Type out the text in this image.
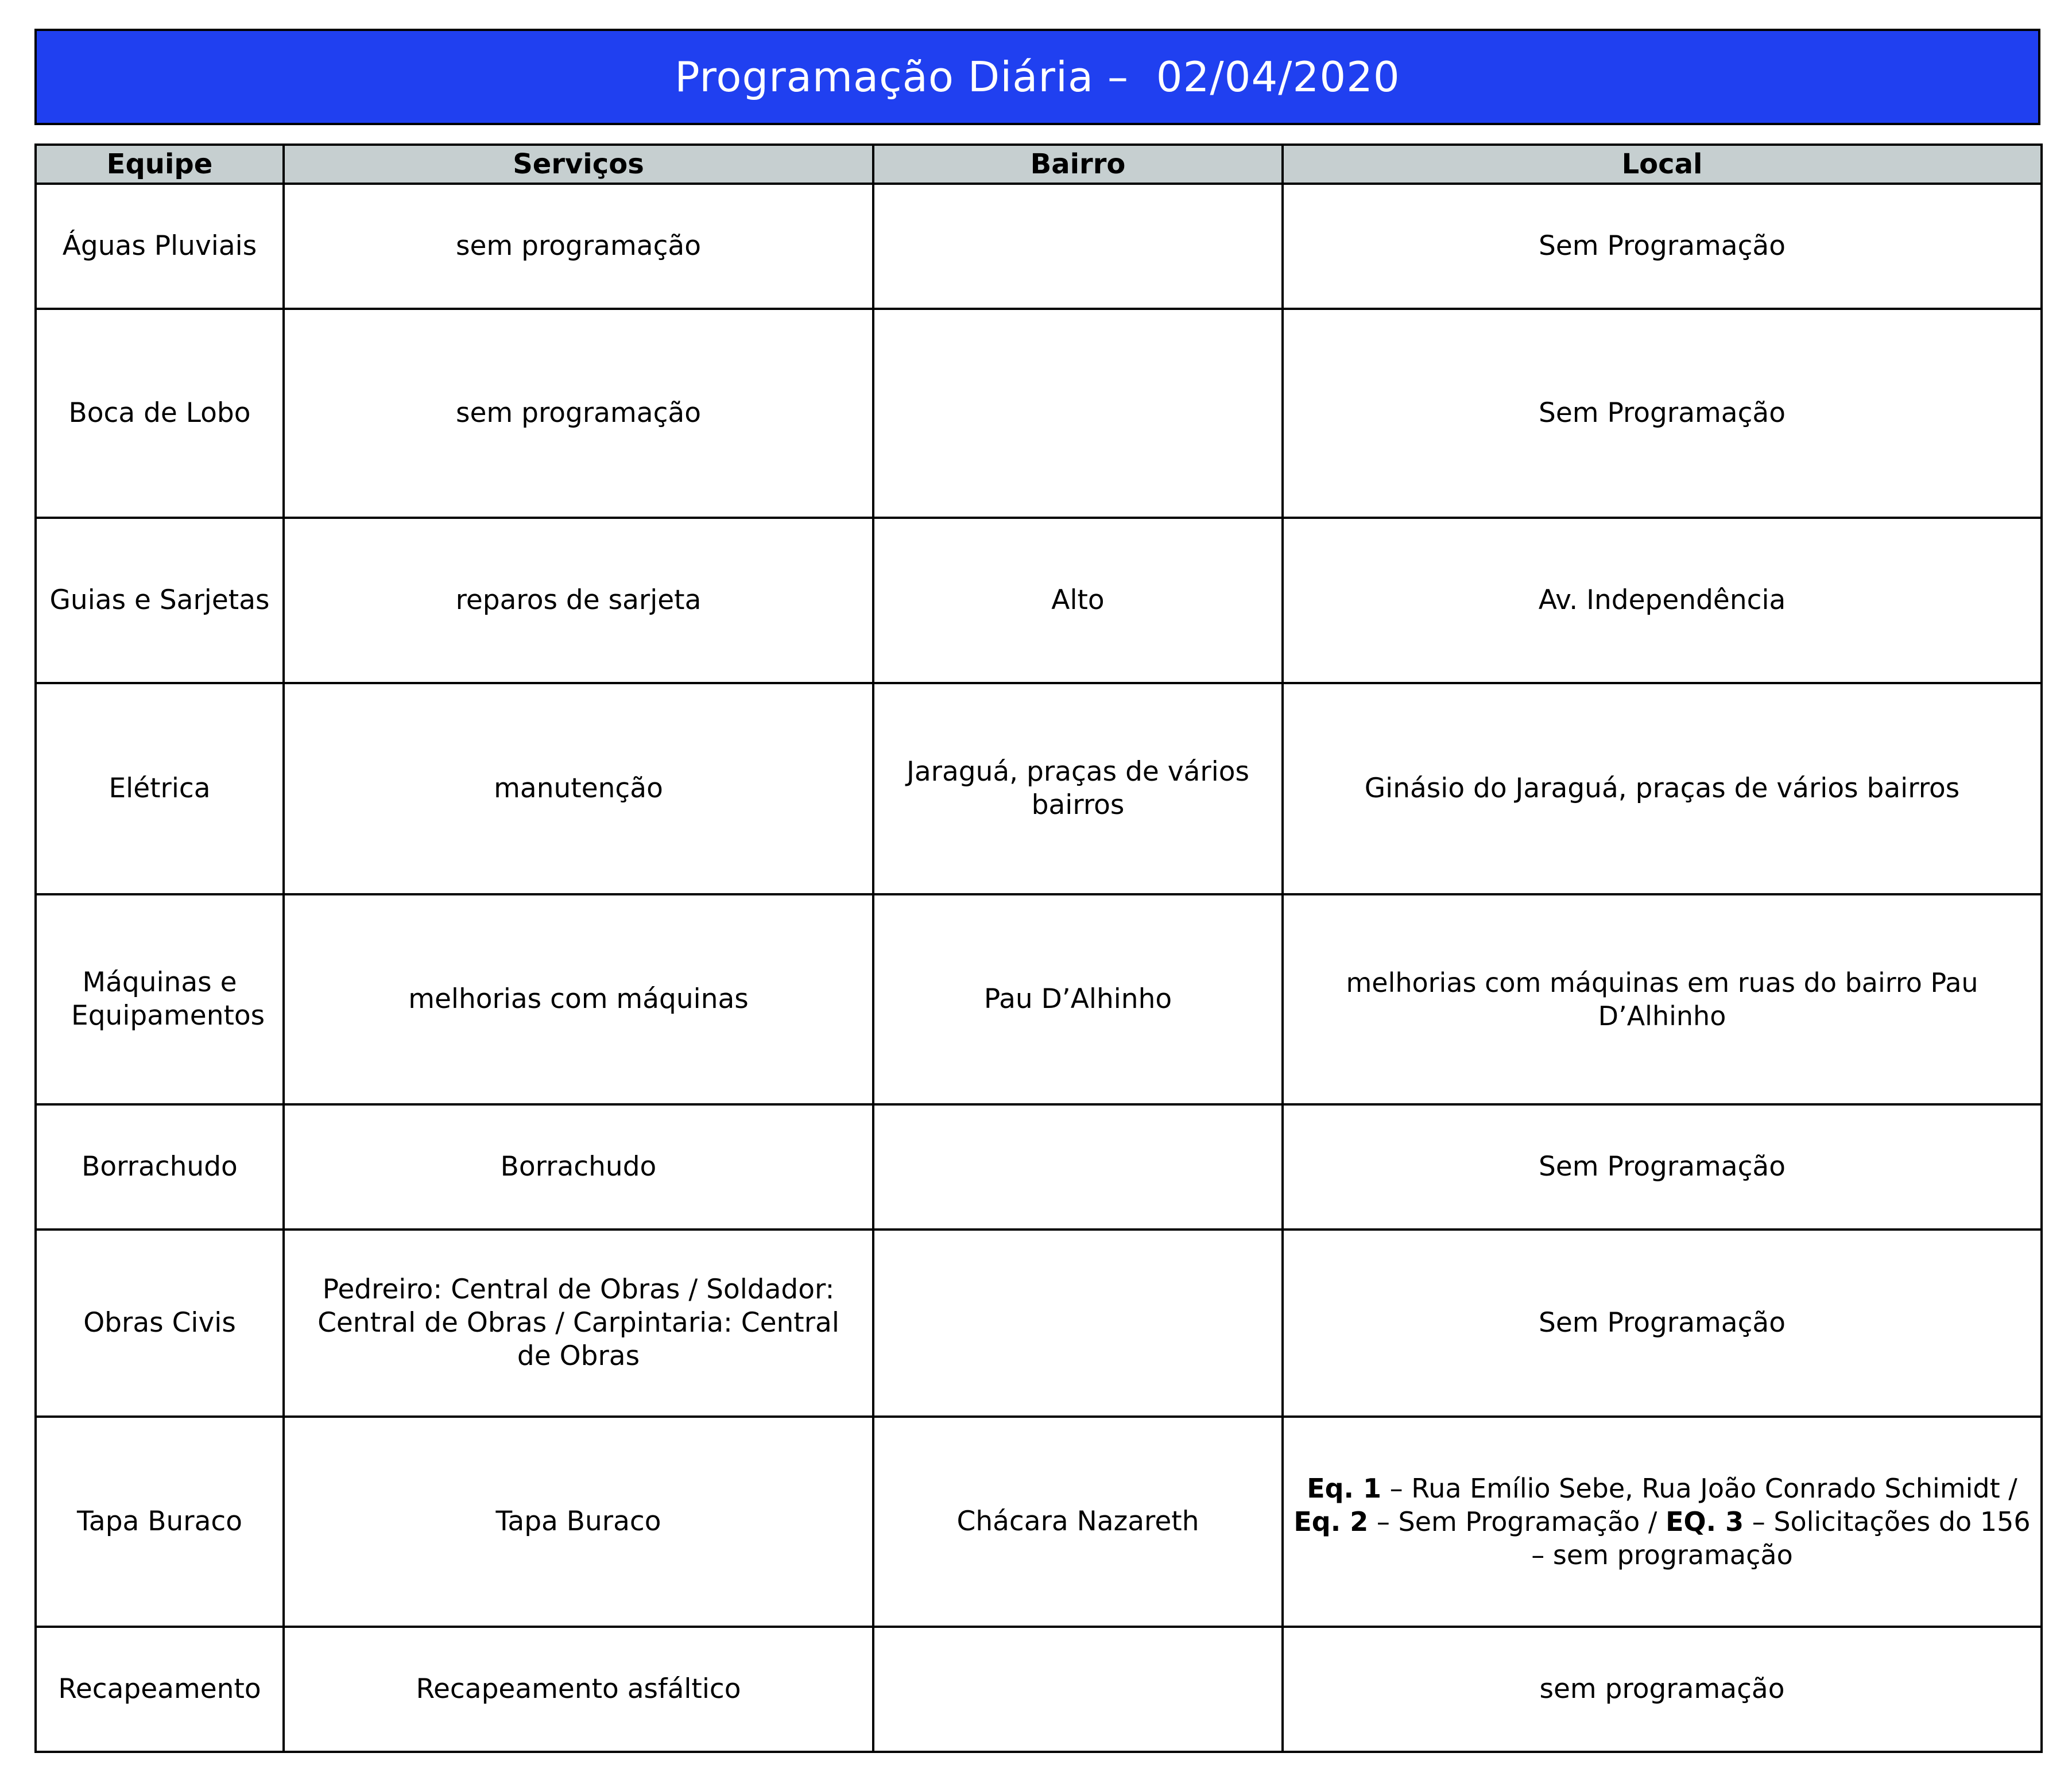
Programação Diária –  02/04/2020
Equipe	Serviços	Bairro	Local
Águas Pluviais	sem programação		Sem Programação
Boca de Lobo	sem programação		Sem Programação
Guias e Sarjetas	reparos de sarjeta	Alto	Av. Independência
Elétrica	manutenção	Jaraguá, praças de vários bairros	Ginásio do Jaraguá, praças de vários bairros
Máquinas e Equipamentos	melhorias com máquinas	Pau D’Alhinho	melhorias com máquinas em ruas do bairro Pau D’Alhinho
Borrachudo	Borrachudo		Sem Programação
Obras Civis	Pedreiro: Central de Obras / Soldador: Central de Obras / Carpintaria: Central de Obras		Sem Programação
Tapa Buraco	Tapa Buraco	Chácara Nazareth	Eq. 1 – Rua Emílio Sebe, Rua João Conrado Schimidt / Eq. 2 – Sem Programação / EQ. 3 – Solicitações do 156 – sem programação
Recapeamento	Recapeamento asfáltico		sem programação
